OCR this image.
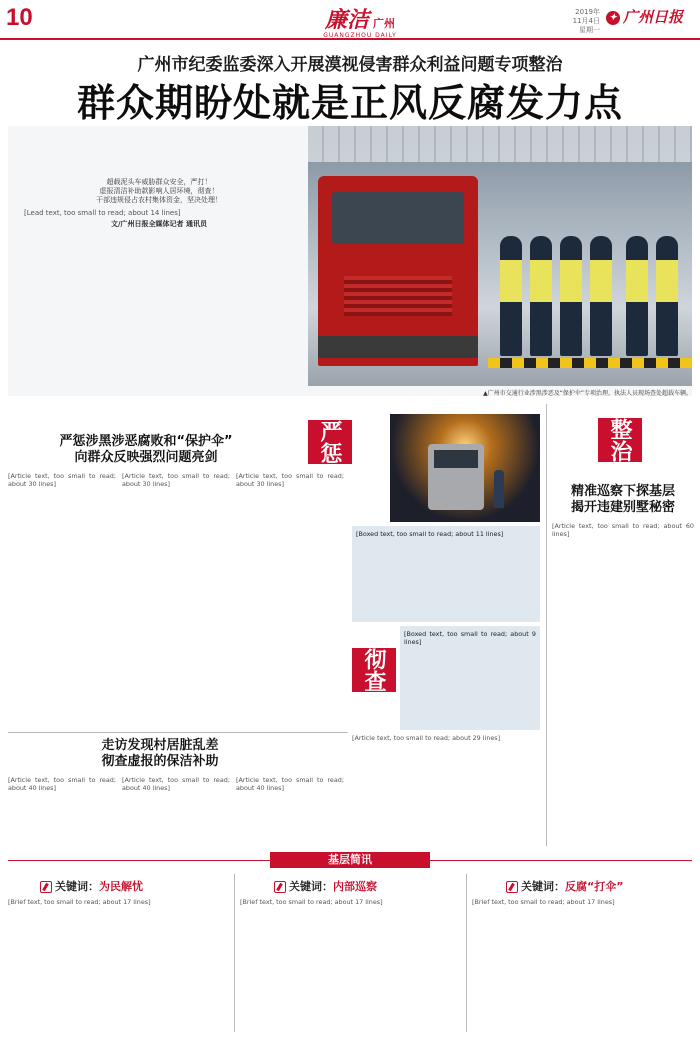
10	廉洁 广州
GUANGZHOU DAILY
2019年
11月4日
星期一
✦ 广州日报
广州市纪委监委深入开展漠视侵害群众利益问题专项整治
群众期盼处就是正风反腐发力点
超载泥头车威胁群众安全，严打！
虚报清洁补助款影响人居环境，彻查！
干部违规侵占农村集体资金，坚决处理！
[Lead text, too small to read; about 14 lines]
文/广州日报全媒体记者 通讯员
▲广州市交通行业涉黑涉恶及“保护伞”专项治理，执法人员现场查处超载车辆。
严惩涉黑涉恶腐败和“保护伞”
向群众反映强烈问题亮剑	严惩
[Article text, too small to read; about 30 lines]
[Article text, too small to read; about 30 lines]
[Article text, too small to read; about 30 lines]
走访发现村居脏乱差
彻查虚报的保洁补助
[Article text, too small to read; about 40 lines]
[Article text, too small to read; about 40 lines]
[Article text, too small to read; about 40 lines]
[Boxed text, too small to read; about 11 lines]
彻查
[Boxed text, too small to read; about 9 lines]
[Article text, too small to read; about 29 lines]
整治
精准巡察下探基层
揭开违建别墅秘密
[Article text, too small to read; about 60 lines]
基层简讯
关键词：为民解忧
[Brief text, too small to read; about 17 lines]
关键词：内部巡察
[Brief text, too small to read; about 17 lines]
关键词：反腐“打伞”
[Brief text, too small to read; about 17 lines]
